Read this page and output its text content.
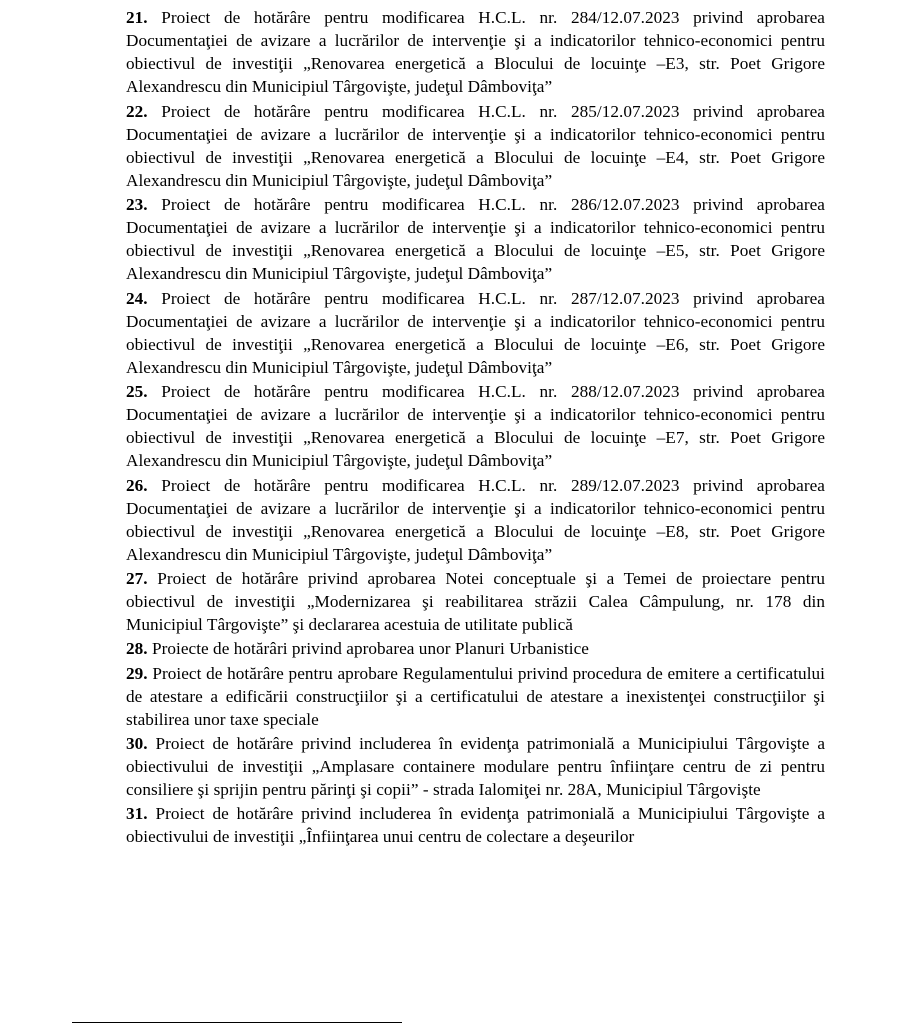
21. Proiect de hotărâre pentru modificarea H.C.L. nr. 284/12.07.2023 privind aprobarea Documentaţiei de avizare a lucrărilor de intervenţie şi a indicatorilor tehnico-economici pentru obiectivul de investiţii „Renovarea energetică a Blocului de locuinţe –E3, str. Poet Grigore Alexandrescu din Municipiul Târgovişte, judeţul Dâmboviţa”
22. Proiect de hotărâre pentru modificarea H.C.L. nr. 285/12.07.2023 privind aprobarea Documentaţiei de avizare a lucrărilor de intervenţie şi a indicatorilor tehnico-economici pentru obiectivul de investiţii „Renovarea energetică a Blocului de locuinţe –E4, str. Poet Grigore Alexandrescu din Municipiul Târgovişte, judeţul Dâmboviţa”
23. Proiect de hotărâre pentru modificarea H.C.L. nr. 286/12.07.2023 privind aprobarea Documentaţiei de avizare a lucrărilor de intervenţie şi a indicatorilor tehnico-economici pentru obiectivul de investiţii „Renovarea energetică a Blocului de locuinţe –E5, str. Poet Grigore Alexandrescu din Municipiul Târgovişte, judeţul Dâmboviţa”
24. Proiect de hotărâre pentru modificarea H.C.L. nr. 287/12.07.2023 privind aprobarea Documentaţiei de avizare a lucrărilor de intervenţie şi a indicatorilor tehnico-economici pentru obiectivul de investiţii „Renovarea energetică a Blocului de locuinţe –E6, str. Poet Grigore Alexandrescu din Municipiul Târgovişte, judeţul Dâmboviţa”
25. Proiect de hotărâre pentru modificarea H.C.L. nr. 288/12.07.2023 privind aprobarea Documentaţiei de avizare a lucrărilor de intervenţie şi a indicatorilor tehnico-economici pentru obiectivul de investiţii „Renovarea energetică a Blocului de locuinţe –E7, str. Poet Grigore Alexandrescu din Municipiul Târgovişte, judeţul Dâmboviţa”
26. Proiect de hotărâre pentru modificarea H.C.L. nr. 289/12.07.2023 privind aprobarea Documentaţiei de avizare a lucrărilor de intervenţie şi a indicatorilor tehnico-economici pentru obiectivul de investiţii „Renovarea energetică a Blocului de locuinţe –E8, str. Poet Grigore Alexandrescu din Municipiul Târgovişte, judeţul Dâmboviţa”
27. Proiect de hotărâre privind aprobarea Notei conceptuale şi a Temei de proiectare pentru obiectivul de investiţii „Modernizarea şi reabilitarea străzii Calea Câmpulung, nr. 178 din Municipiul Târgovişte” şi declararea acestuia de utilitate publică
28. Proiecte de hotărâri privind aprobarea unor Planuri Urbanistice
29. Proiect de hotărâre pentru aprobare Regulamentului privind procedura de emitere a certificatului de atestare a edificării construcţiilor şi a certificatului de atestare a inexistenţei construcţiilor şi stabilirea unor taxe speciale
30. Proiect de hotărâre privind includerea în evidenţa patrimonială a Municipiului Târgovişte a obiectivului de investiţii „Amplasare containere modulare pentru înfiinţare centru de zi pentru consiliere şi sprijin pentru părinţi şi copii” - strada Ialomiţei nr. 28A, Municipiul Târgovişte
31. Proiect de hotărâre privind includerea în evidenţa patrimonială a Municipiului Târgovişte a obiectivului de investiţii „Înfiinţarea unui centru de colectare a deşeurilor
